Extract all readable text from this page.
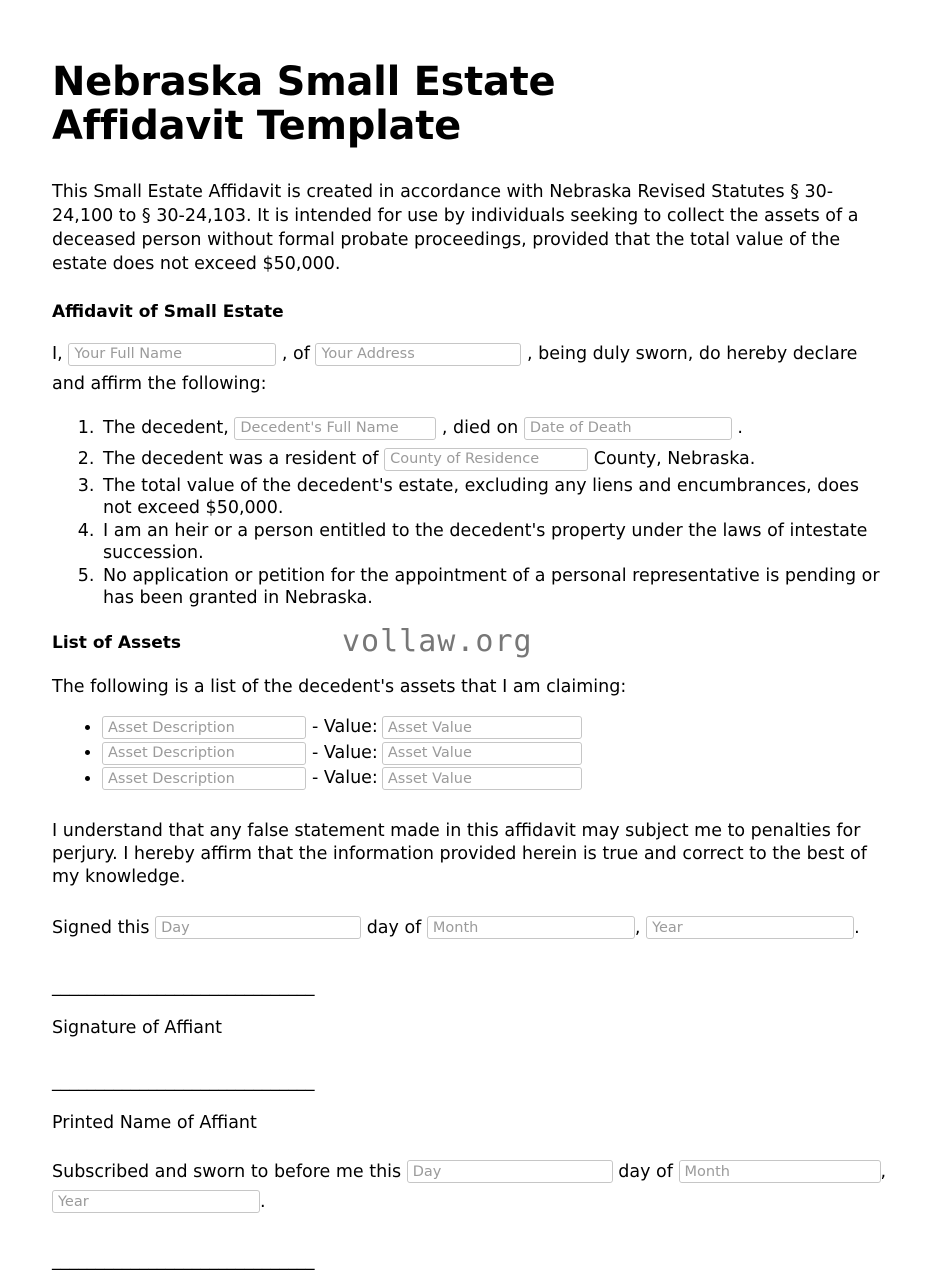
Nebraska Small Estate Affidavit Template

This Small Estate Affidavit is created in accordance with Nebraska Revised Statutes § 30-24,100 to § 30-24,103. It is intended for use by individuals seeking to collect the assets of a deceased person without formal probate proceedings, provided that the total value of the estate does not exceed $50,000.

Affidavit of Small Estate

I, Your Full Name	, of Your Address	, being duly sworn, do hereby declare and affirm the following:

1. The decedent, Decedent's Full Name	, died on Date of Death	.
2. The decedent was a resident of County of Residence	County, Nebraska.
3. The total value of the decedent's estate, excluding any liens and encumbrances, does not exceed $50,000.
4. I am an heir or a person entitled to the decedent's property under the laws of intestate succession.
5. No application or petition for the appointment of a personal representative is pending or has been granted in Nebraska.
List of Assets	vollaw.org

The following is a list of the decedent's assets that I am claiming:

Asset Description • - Value:Asset Value
Asset Description • - Value:Asset Value
Asset Description • - Value:Asset Value

I understand that any false statement made in this affidavit may subject me to penalties for perjury. I hereby affirm that the information provided herein is true and correct to the best of my knowledge.

Signed this Day	day of Month	, Year	.

______________________________
Signature of Affiant
______________________________
Printed Name of Affiant

Subscribed and sworn to before me this Day	day of Month	, Year.

______________________________
